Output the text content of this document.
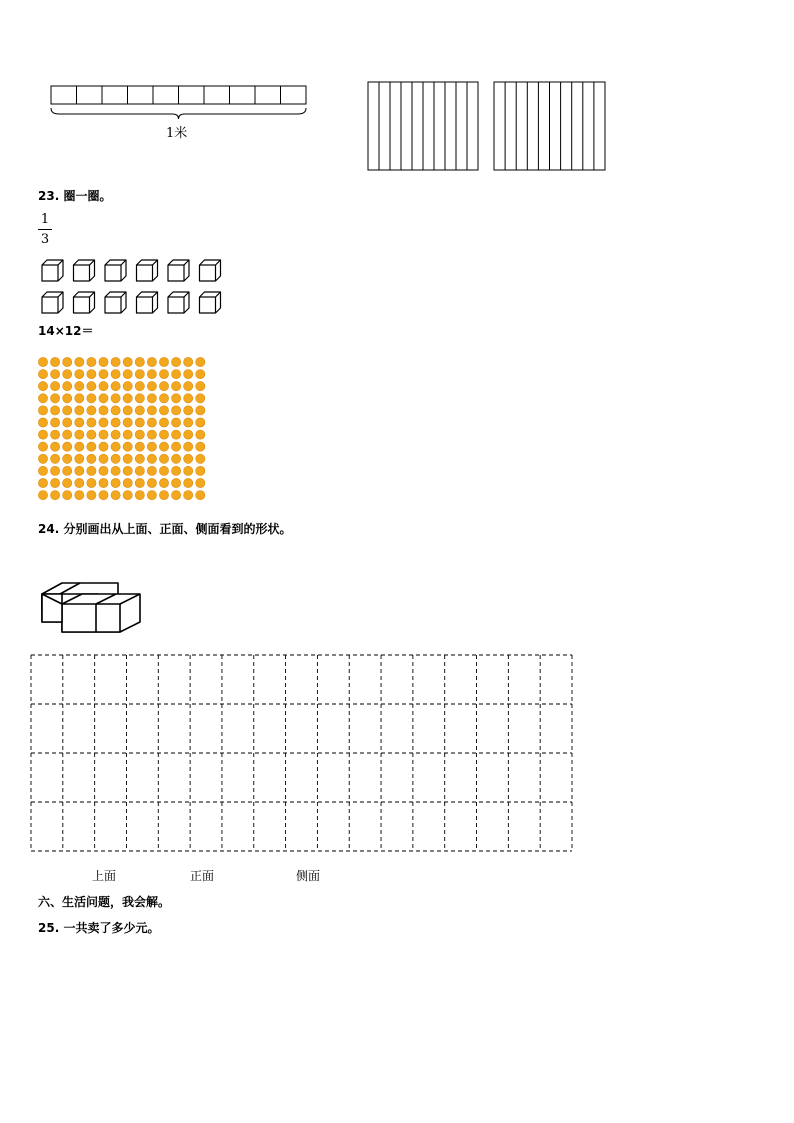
1米
23. 圈一圈。
1
3
14×12＝
24. 分别画出从上面、正面、侧面看到的形状。
上面	正面	侧面
六、生活问题，我会解。
25. 一共卖了多少元。
